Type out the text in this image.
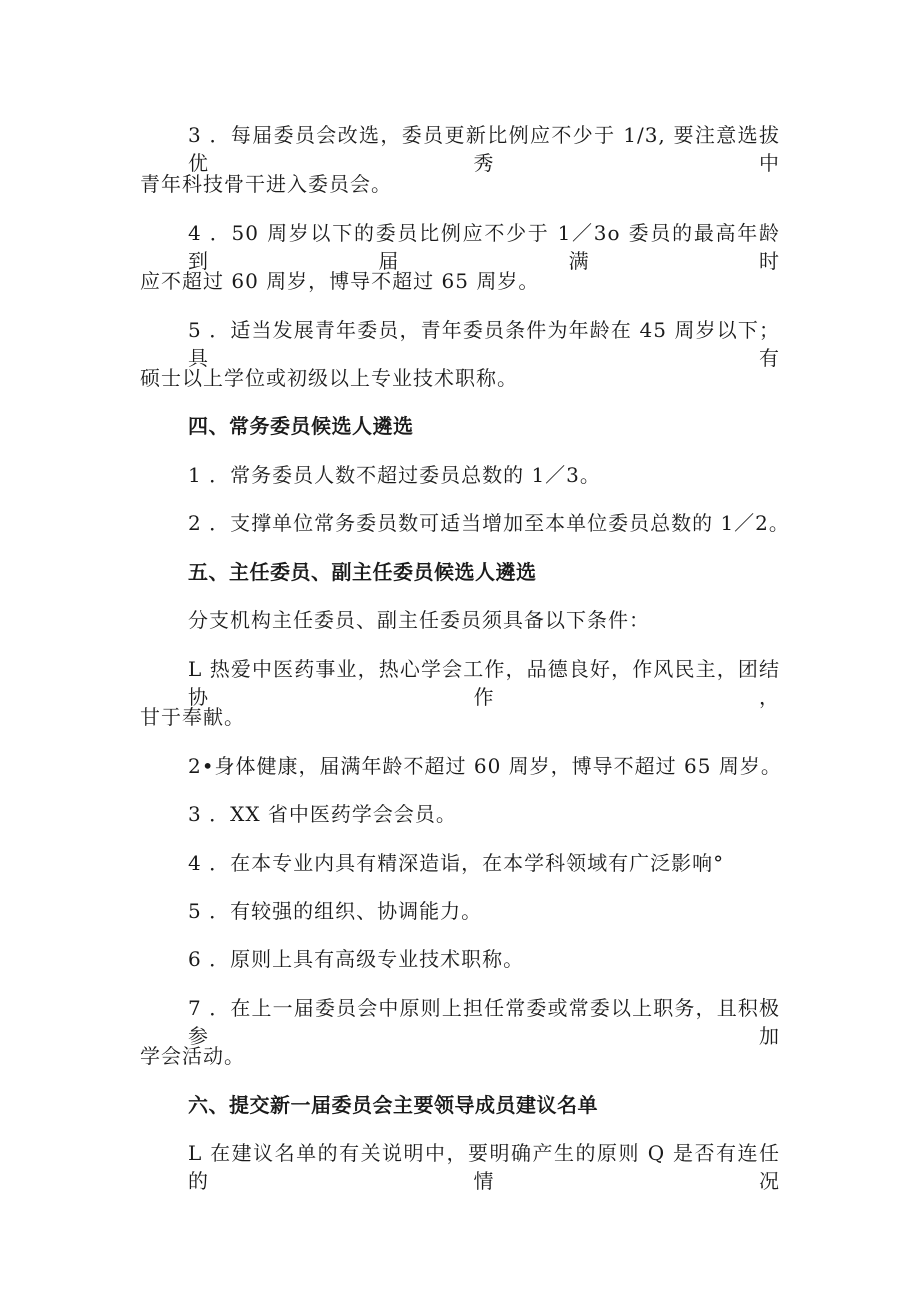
3 ．每届委员会改选，委员更新比例应不少于 1/3, 要注意选拔优秀中
青年科技骨干进入委员会。
4 ．50 周岁以下的委员比例应不少于 1／3o 委员的最高年龄到届满时
应不超过 60 周岁，博导不超过 65 周岁。
5 ．适当发展青年委员，青年委员条件为年龄在 45 周岁以下；具有
硕士以上学位或初级以上专业技术职称。
四、常务委员候选人遴选
1 ．常务委员人数不超过委员总数的 1／3。
2 ．支撑单位常务委员数可适当增加至本单位委员总数的 1／2。
五、主任委员、副主任委员候选人遴选
分支机构主任委员、副主任委员须具备以下条件：
L 热爱中医药事业，热心学会工作，品德良好，作风民主，团结协作，
甘于奉献。
2•身体健康，届满年龄不超过 60 周岁，博导不超过 65 周岁。
3 ．XX 省中医药学会会员。
4 ．在本专业内具有精深造诣，在本学科领域有广泛影响°
5 ．有较强的组织、协调能力。
6 ．原则上具有高级专业技术职称。
7 ．在上一届委员会中原则上担任常委或常委以上职务，且积极参加
学会活动。
六、提交新一届委员会主要领导成员建议名单
L 在建议名单的有关说明中，要明确产生的原则 Q 是否有连任的情况
